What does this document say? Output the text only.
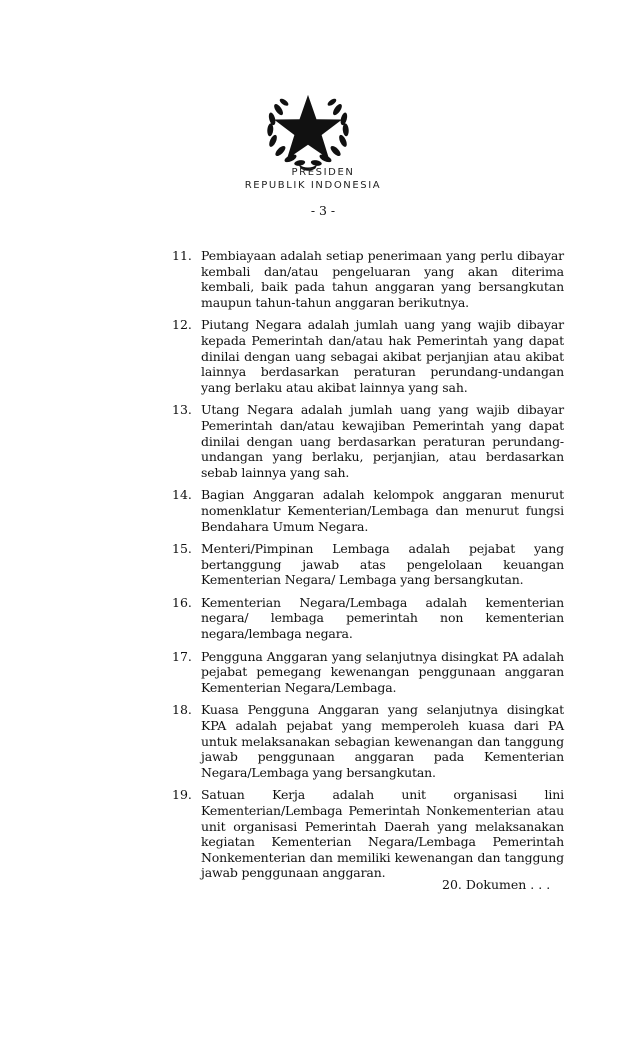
PRESIDEN
REPUBLIK INDONESIA
- 3 -
11. Pembiayaan adalah setiap penerimaan yang perlu dibayar kembali dan/atau pengeluaran yang akan diterima kembali, baik pada tahun anggaran yang bersangkutan maupun tahun-tahun anggaran berikutnya.
12. Piutang Negara adalah jumlah uang yang wajib dibayar kepada Pemerintah dan/atau hak Pemerintah yang dapat dinilai dengan uang sebagai akibat perjanjian atau akibat lainnya berdasarkan peraturan perundang-undangan yang berlaku atau akibat lainnya yang sah.
13. Utang Negara adalah jumlah uang yang wajib dibayar Pemerintah dan/atau kewajiban Pemerintah yang dapat dinilai dengan uang berdasarkan peraturan perundang-undangan yang berlaku, perjanjian, atau berdasarkan sebab lainnya yang sah.
14. Bagian Anggaran adalah kelompok anggaran menurut nomenklatur Kementerian/Lembaga dan menurut fungsi Bendahara Umum Negara.
15. Menteri/Pimpinan Lembaga adalah pejabat yang bertanggung jawab atas pengelolaan keuangan Kementerian Negara/ Lembaga yang bersangkutan.
16. Kementerian Negara/Lembaga adalah kementerian negara/ lembaga pemerintah non kementerian negara/lembaga negara.
17. Pengguna Anggaran yang selanjutnya disingkat PA adalah pejabat pemegang kewenangan penggunaan anggaran Kementerian Negara/Lembaga.
18. Kuasa Pengguna Anggaran yang selanjutnya disingkat KPA adalah pejabat yang memperoleh kuasa dari PA untuk melaksanakan sebagian kewenangan dan tanggung jawab penggunaan anggaran pada Kementerian Negara/Lembaga yang bersangkutan.
19. Satuan Kerja adalah unit organisasi lini Kementerian/Lembaga Pemerintah Nonkementerian atau unit organisasi Pemerintah Daerah yang melaksanakan kegiatan Kementerian Negara/Lembaga Pemerintah Nonkementerian dan memiliki kewenangan dan tanggung jawab penggunaan anggaran.
20. Dokumen . . .
